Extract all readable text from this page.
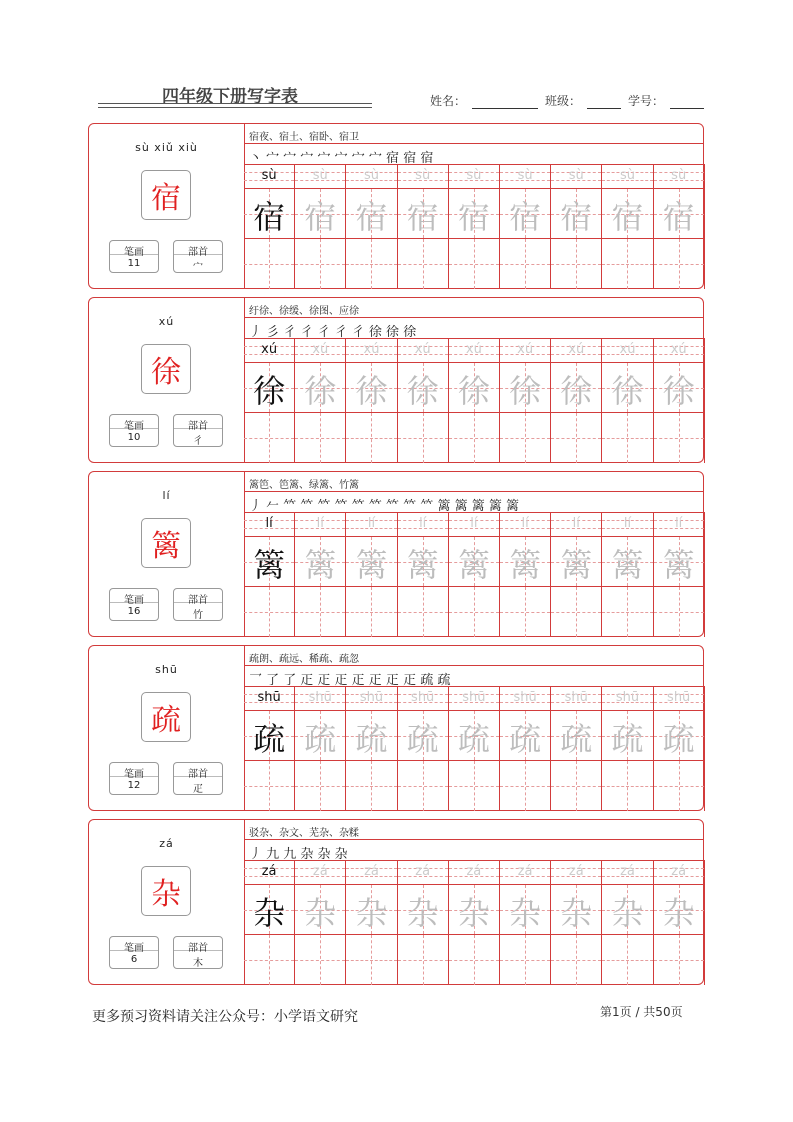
四年级下册写字表	姓名：	班级：	学号：
sù xiǔ xiù
宿
笔画
11
部首
宀
宿夜、宿土、宿卧、宿卫
丶 宀 宀 宀 宀 宀 宀 宀 宿 宿 宿
sù
宿
sù
宿
sù
宿
sù
宿
sù
宿
sù
宿
sù
宿
sù
宿
sù
宿
xú
徐
笔画
10
部首
彳
纡徐、徐缓、徐图、应徐
丿 彡 彳 彳 彳 彳 彳 徐 徐 徐
xú
徐
xú
徐
xú
徐
xú
徐
xú
徐
xú
徐
xú
徐
xú
徐
xú
徐
lí
篱
笔画
16
部首
竹
篱笆、笆篱、绿篱、竹篱
丿 𠂉 𥫗 𥫗 𥫗 𥫗 𥫗 𥫗 𥫗 𥫗 𥫗 篱 篱 篱 篱 篱
lí
篱
lí
篱
lí
篱
lí
篱
lí
篱
lí
篱
lí
篱
lí
篱
lí
篱
shū
疏
笔画
12
部首
疋
疏朗、疏远、稀疏、疏忽
乛 了 了 𤴓 𤴓 𤴓 𤴓 𤴓 𤴓 𤴓 疏 疏
shū
疏
shū
疏
shū
疏
shū
疏
shū
疏
shū
疏
shū
疏
shū
疏
shū
疏
zá
杂
笔画
6
部首
木
驳杂、杂文、芜杂、杂糅
丿 九 九 杂 杂 杂
zá
杂
zá
杂
zá
杂
zá
杂
zá
杂
zá
杂
zá
杂
zá
杂
zá
杂
更多预习资料请关注公众号：小学语文研究	第1页 / 共50页
